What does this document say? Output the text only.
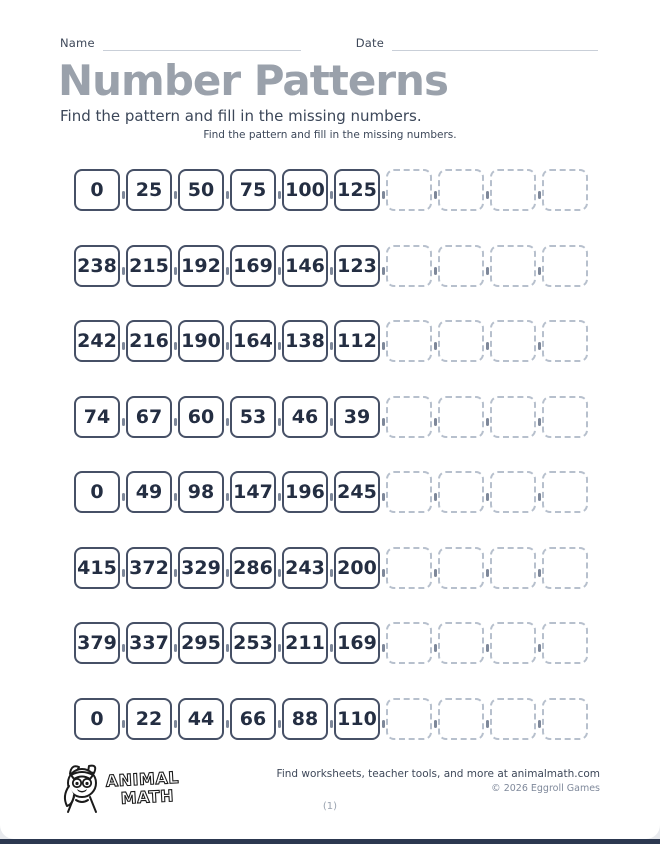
Name	Date
Number Patterns

Find the pattern and fill in the missing numbers.

Find the pattern and fill in the missing numbers.

0	25	50	75 100 125
238 215 192 169 146 123
242 216 190 164 138 112
74	67	60	53	46	39
0	49	98 147 196 245
415 372 329 286 243 200
379 337 295 253 211 169
0	22	44	66	88 110
ANIMAL
MATH
Find worksheets, teacher tools, and more at animalmath.com
© 2026 Eggroll Games
(1)
